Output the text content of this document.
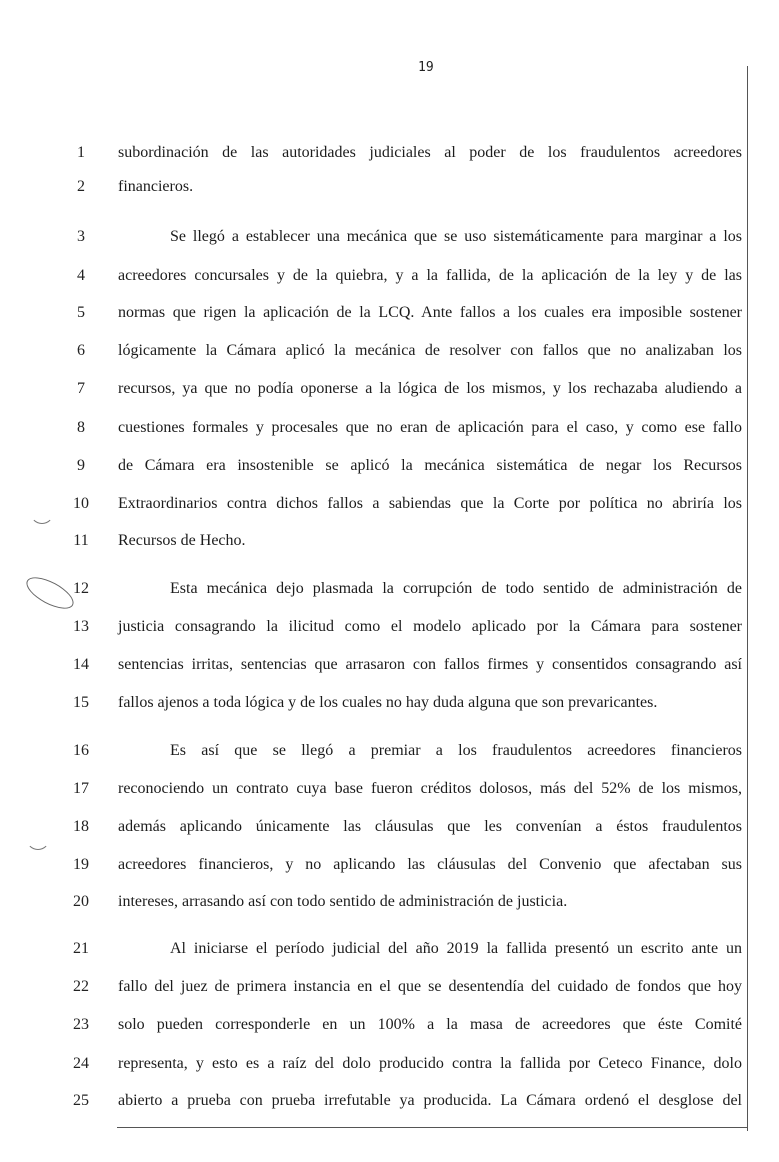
19
1	subordinación de las autoridades judiciales al poder de los fraudulentos acreedores
2	financieros.
3	Se llegó a establecer una mecánica que se uso sistemáticamente para marginar a los
4	acreedores concursales y de la quiebra, y a la fallida, de la aplicación de la ley y de las
5	normas que rigen la aplicación de la LCQ. Ante fallos a los cuales era imposible sostener
6	lógicamente la Cámara aplicó la mecánica de resolver con fallos que no analizaban los
7	recursos, ya que no podía oponerse a la lógica de los mismos, y los rechazaba aludiendo a
8	cuestiones formales y procesales que no eran de aplicación para el caso, y como ese fallo
9	de Cámara era insostenible se aplicó la mecánica sistemática de negar los Recursos
10	Extraordinarios contra dichos fallos a sabiendas que la Corte por política no abriría los
11	Recursos de Hecho.
12	Esta mecánica dejo plasmada la corrupción de todo sentido de administración de
13	justicia consagrando la ilicitud como el modelo aplicado por la Cámara para sostener
14	sentencias irritas, sentencias que arrasaron con fallos firmes y consentidos consagrando así
15	fallos ajenos a toda lógica y de los cuales no hay duda alguna que son prevaricantes.
16	Es así que se llegó a premiar a los fraudulentos acreedores financieros
17	reconociendo un contrato cuya base fueron créditos dolosos, más del 52% de los mismos,
18	además aplicando únicamente las cláusulas que les convenían a éstos fraudulentos
19	acreedores financieros, y no aplicando las cláusulas del Convenio que afectaban sus
20	intereses, arrasando así con todo sentido de administración de justicia.
21	Al iniciarse el período judicial del año 2019 la fallida presentó un escrito ante un
22	fallo del juez de primera instancia en el que se desentendía del cuidado de fondos que hoy
23	solo pueden corresponderle en un 100% a la masa de acreedores que éste Comité
24	representa, y esto es a raíz del dolo producido contra la fallida por Ceteco Finance, dolo
25	abierto a prueba con prueba irrefutable ya producida. La Cámara ordenó el desglose del
